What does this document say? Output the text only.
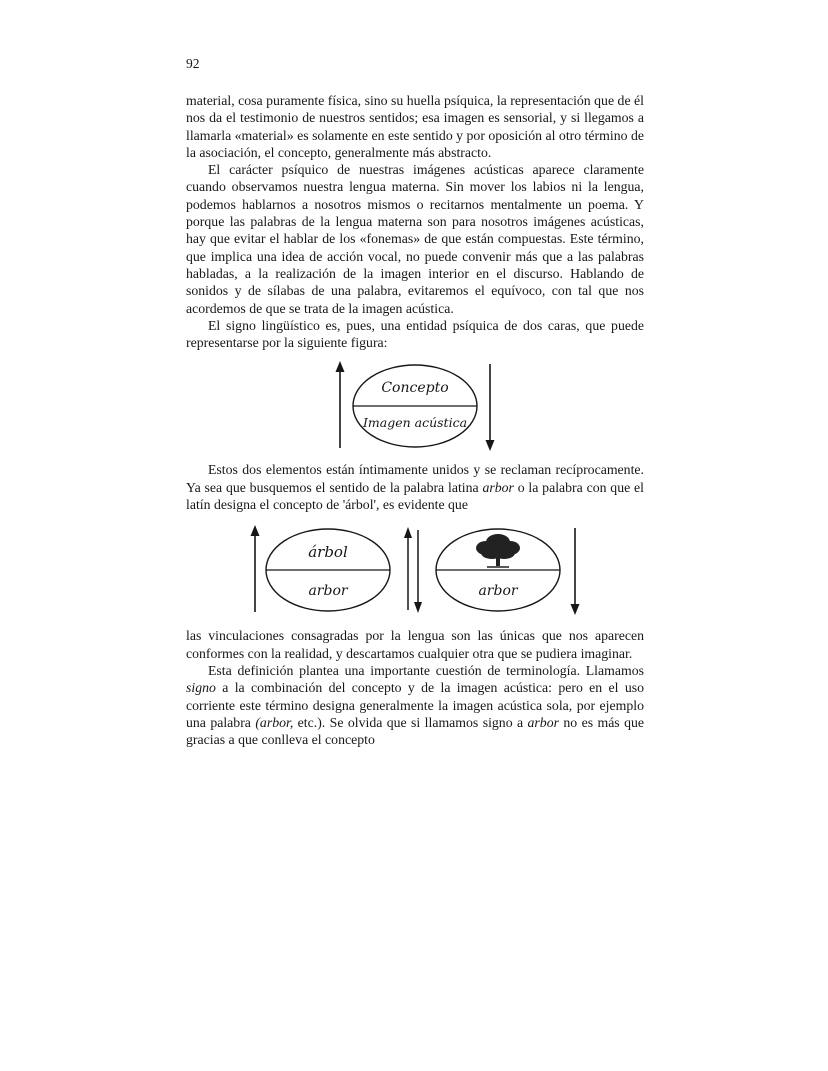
92

material, cosa puramente física, sino su huella psíquica, la representación que de él nos da el testimonio de nuestros sentidos; esa imagen es sensorial, y si llegamos a llamarla «material» es solamente en este sentido y por oposición al otro término de la asociación, el concepto, generalmente más abstracto.

El carácter psíquico de nuestras imágenes acústicas aparece claramente cuando observamos nuestra lengua materna. Sin mover los labios ni la lengua, podemos hablarnos a nosotros mismos o recitarnos mentalmente un poema. Y porque las palabras de la lengua materna son para nosotros imágenes acústicas, hay que evitar el hablar de los «fonemas» de que están compuestas. Este término, que implica una idea de acción vocal, no puede convenir más que a las palabras habladas, a la realización de la imagen interior en el discurso. Hablando de sonidos y de sílabas de una palabra, evitaremos el equívoco, con tal que nos acordemos de que se trata de la imagen acústica.

El signo lingüístico es, pues, una entidad psíquica de dos caras, que puede representarse por la siguiente figura:

Concepto
Imagen acústica

Estos dos elementos están íntimamente unidos y se reclaman recíprocamente. Ya sea que busquemos el sentido de la palabra latina arbor o la palabra con que el latín designa el concepto de 'árbol', es evidente que

árbol
arbor	arbor

las vinculaciones consagradas por la lengua son las únicas que nos aparecen conformes con la realidad, y descartamos cualquier otra que se pudiera imaginar.

Esta definición plantea una importante cuestión de terminología. Llamamos signo a la combinación del concepto y de la imagen acústica: pero en el uso corriente este término designa generalmente la imagen acústica sola, por ejemplo una palabra (arbor, etc.). Se olvida que si llamamos signo a arbor no es más que gracias a que conlleva el concepto
